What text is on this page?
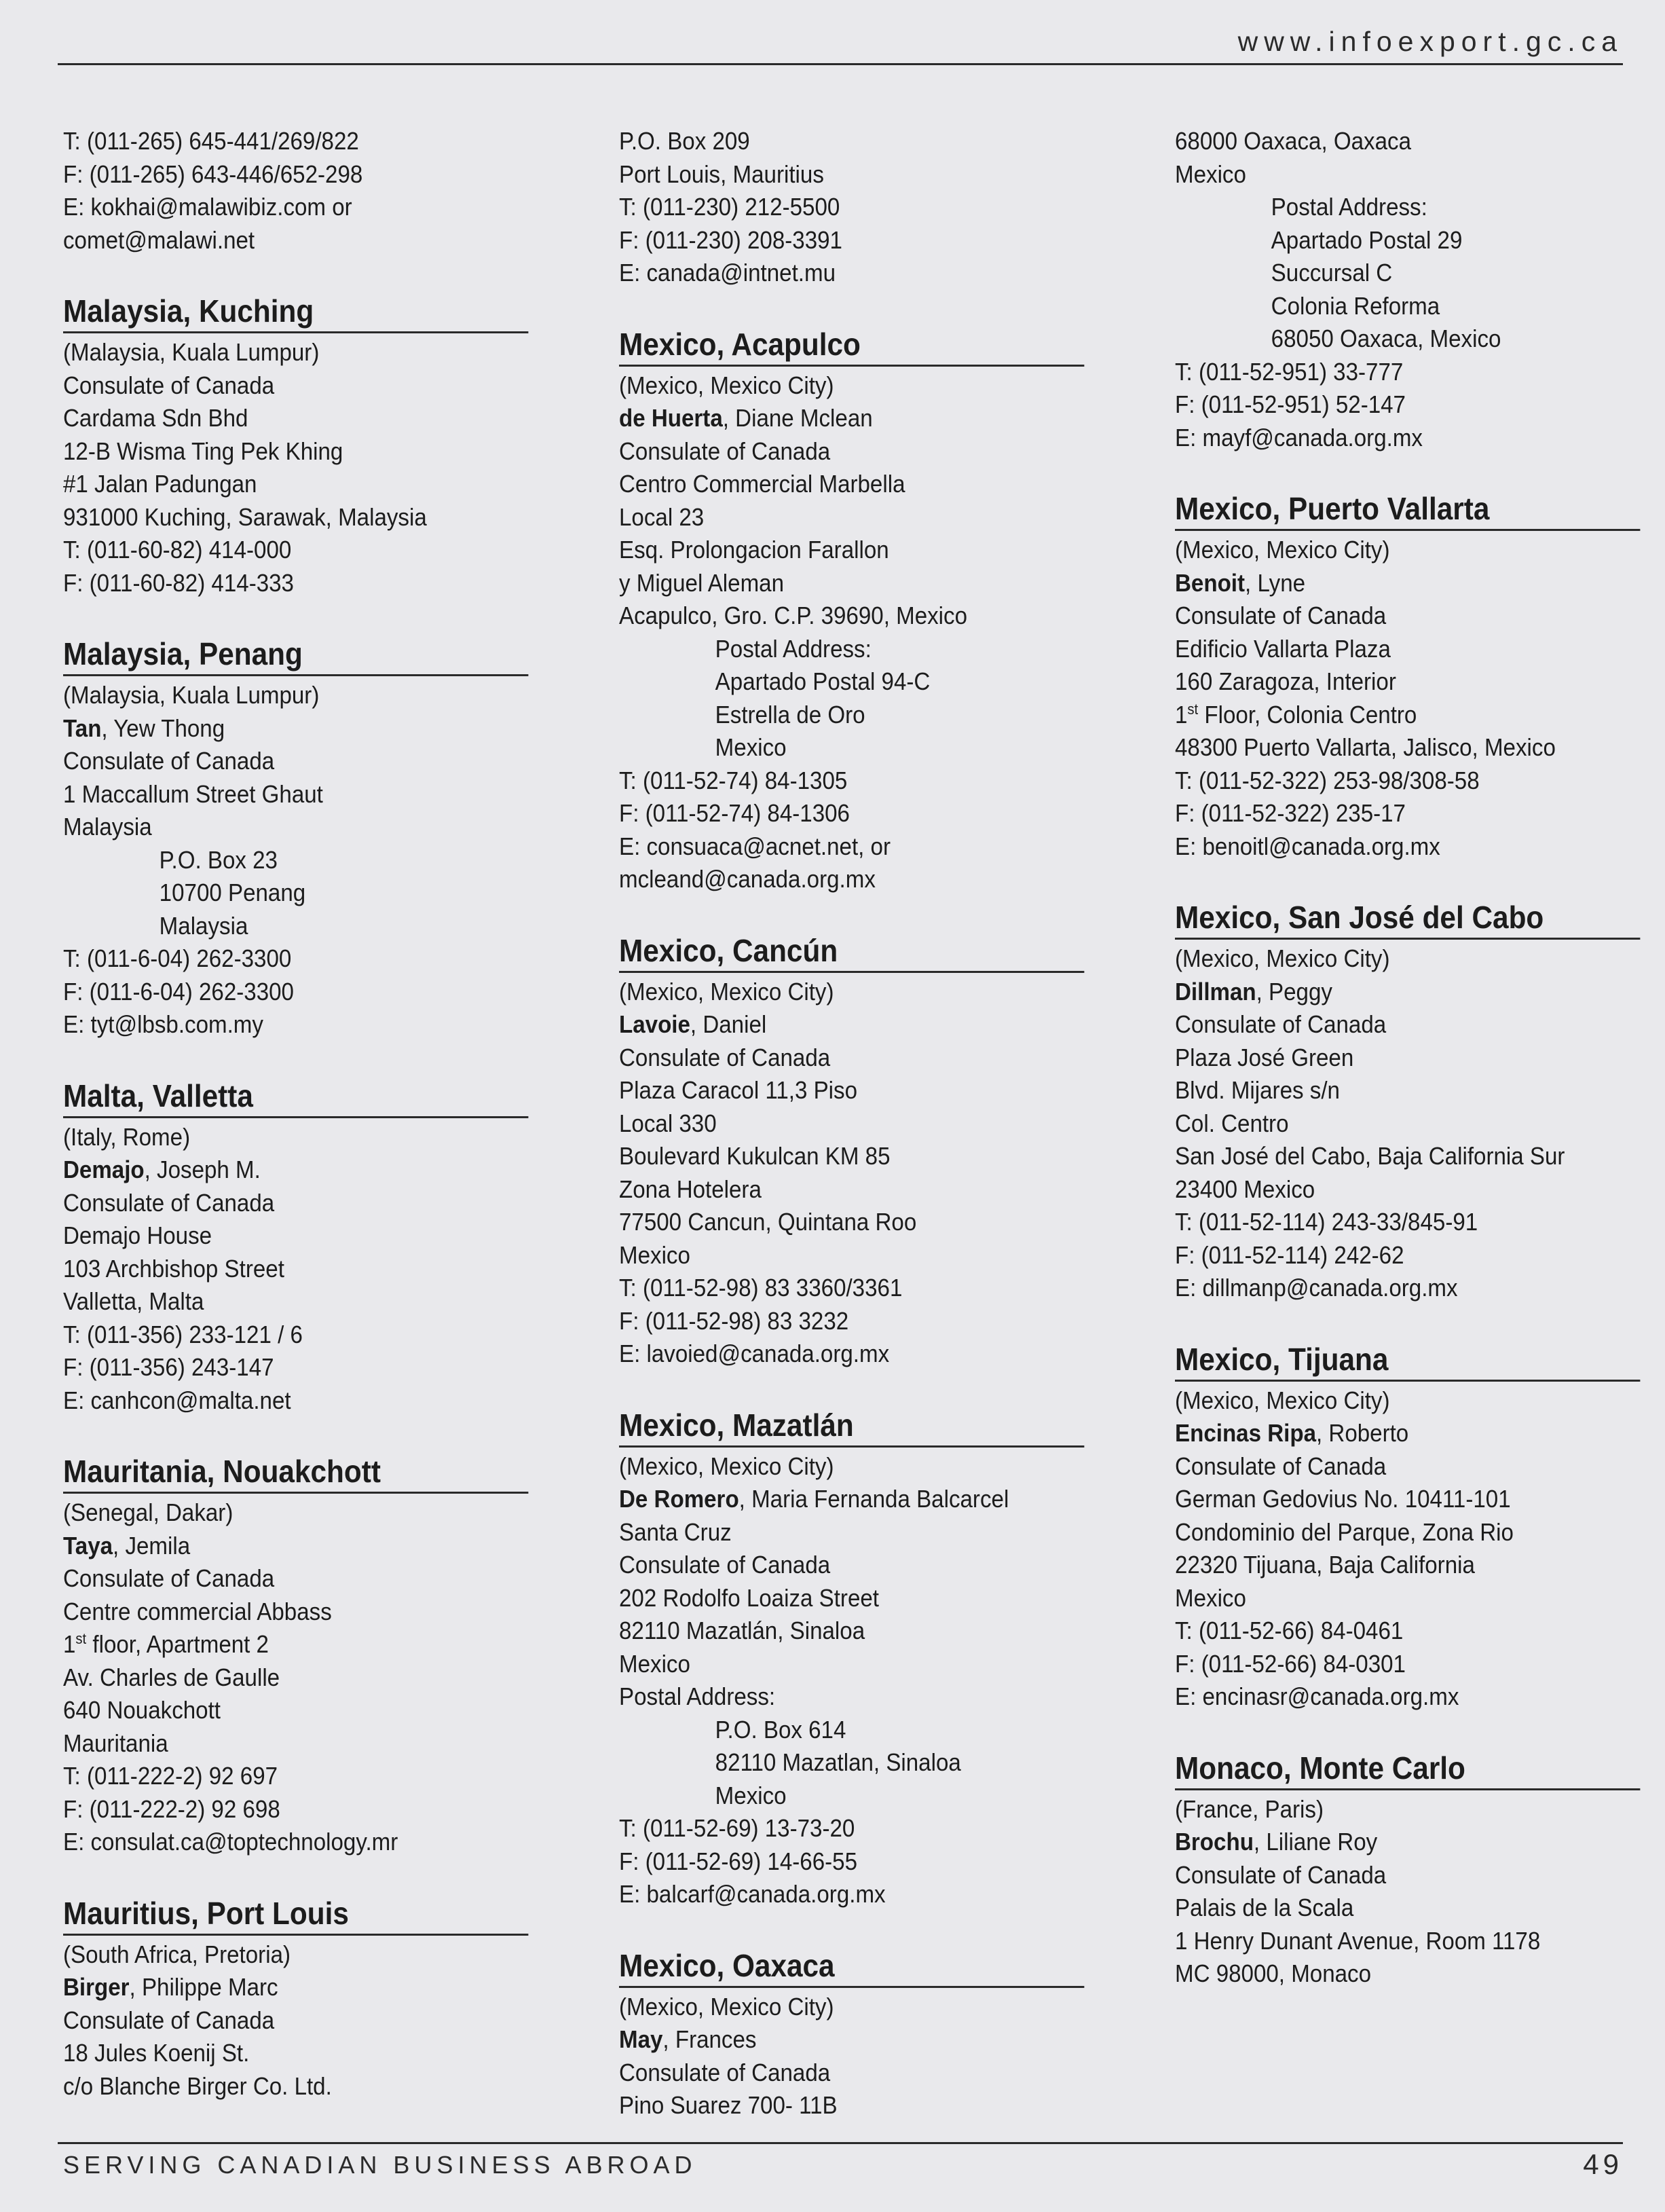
www.infoexport.gc.ca
T: (011-265) 645-441/269/822
F: (011-265) 643-446/652-298
E: kokhai@malawibiz.com or
comet@malawi.net
Malaysia, Kuching
(Malaysia, Kuala Lumpur)
Consulate of Canada
Cardama Sdn Bhd
12-B Wisma Ting Pek Khing
#1 Jalan Padungan
931000 Kuching, Sarawak, Malaysia
T: (011-60-82) 414-000
F: (011-60-82) 414-333
Malaysia, Penang
(Malaysia, Kuala Lumpur)
Tan, Yew Thong
Consulate of Canada
1 Maccallum Street Ghaut
Malaysia
P.O. Box 23
10700 Penang
Malaysia
T: (011-6-04) 262-3300
F: (011-6-04) 262-3300
E: tyt@lbsb.com.my
Malta, Valletta
(Italy, Rome)
Demajo, Joseph M.
Consulate of Canada
Demajo House
103 Archbishop Street
Valletta, Malta
T: (011-356) 233-121 / 6
F: (011-356) 243-147
E: canhcon@malta.net
Mauritania, Nouakchott
(Senegal, Dakar)
Taya, Jemila
Consulate of Canada
Centre commercial Abbass
1st floor, Apartment 2
Av. Charles de Gaulle
640 Nouakchott
Mauritania
T: (011-222-2) 92 697
F: (011-222-2) 92 698
E: consulat.ca@toptechnology.mr
Mauritius, Port Louis
(South Africa, Pretoria)
Birger, Philippe Marc
Consulate of Canada
18 Jules Koenij St.
c/o Blanche Birger Co. Ltd.
P.O. Box 209
Port Louis, Mauritius
T: (011-230) 212-5500
F: (011-230) 208-3391
E: canada@intnet.mu
Mexico, Acapulco
(Mexico, Mexico City)
de Huerta, Diane Mclean
Consulate of Canada
Centro Commercial Marbella
Local 23
Esq. Prolongacion Farallon
y Miguel Aleman
Acapulco, Gro. C.P. 39690, Mexico
Postal Address:
Apartado Postal 94-C
Estrella de Oro
Mexico
T: (011-52-74) 84-1305
F: (011-52-74) 84-1306
E: consuaca@acnet.net, or
mcleand@canada.org.mx
Mexico, Cancún
(Mexico, Mexico City)
Lavoie, Daniel
Consulate of Canada
Plaza Caracol 11,3 Piso
Local 330
Boulevard Kukulcan KM 85
Zona Hotelera
77500 Cancun, Quintana Roo
Mexico
T: (011-52-98) 83 3360/3361
F: (011-52-98) 83 3232
E: lavoied@canada.org.mx
Mexico, Mazatlán
(Mexico, Mexico City)
De Romero, Maria Fernanda Balcarcel
Santa Cruz
Consulate of Canada
202 Rodolfo Loaiza Street
82110 Mazatlán, Sinaloa
Mexico
Postal Address:
P.O. Box 614
82110 Mazatlan, Sinaloa
Mexico
T: (011-52-69) 13-73-20
F: (011-52-69) 14-66-55
E: balcarf@canada.org.mx
Mexico, Oaxaca
(Mexico, Mexico City)
May, Frances
Consulate of Canada
Pino Suarez 700- 11B
68000 Oaxaca, Oaxaca
Mexico
Postal Address:
Apartado Postal 29
Succursal C
Colonia Reforma
68050 Oaxaca, Mexico
T: (011-52-951) 33-777
F: (011-52-951) 52-147
E: mayf@canada.org.mx
Mexico, Puerto Vallarta
(Mexico, Mexico City)
Benoit, Lyne
Consulate of Canada
Edificio Vallarta Plaza
160 Zaragoza, Interior
1st Floor, Colonia Centro
48300 Puerto Vallarta, Jalisco, Mexico
T: (011-52-322) 253-98/308-58
F: (011-52-322) 235-17
E: benoitl@canada.org.mx
Mexico, San José del Cabo
(Mexico, Mexico City)
Dillman, Peggy
Consulate of Canada
Plaza José Green
Blvd. Mijares s/n
Col. Centro
San José del Cabo, Baja California Sur
23400 Mexico
T: (011-52-114) 243-33/845-91
F: (011-52-114) 242-62
E: dillmanp@canada.org.mx
Mexico, Tijuana
(Mexico, Mexico City)
Encinas Ripa, Roberto
Consulate of Canada
German Gedovius No. 10411-101
Condominio del Parque, Zona Rio
22320 Tijuana, Baja California
Mexico
T: (011-52-66) 84-0461
F: (011-52-66) 84-0301
E: encinasr@canada.org.mx
Monaco, Monte Carlo
(France, Paris)
Brochu, Liliane Roy
Consulate of Canada
Palais de la Scala
1 Henry Dunant Avenue, Room 1178
MC 98000, Monaco
SERVING CANADIAN BUSINESS ABROAD	49
